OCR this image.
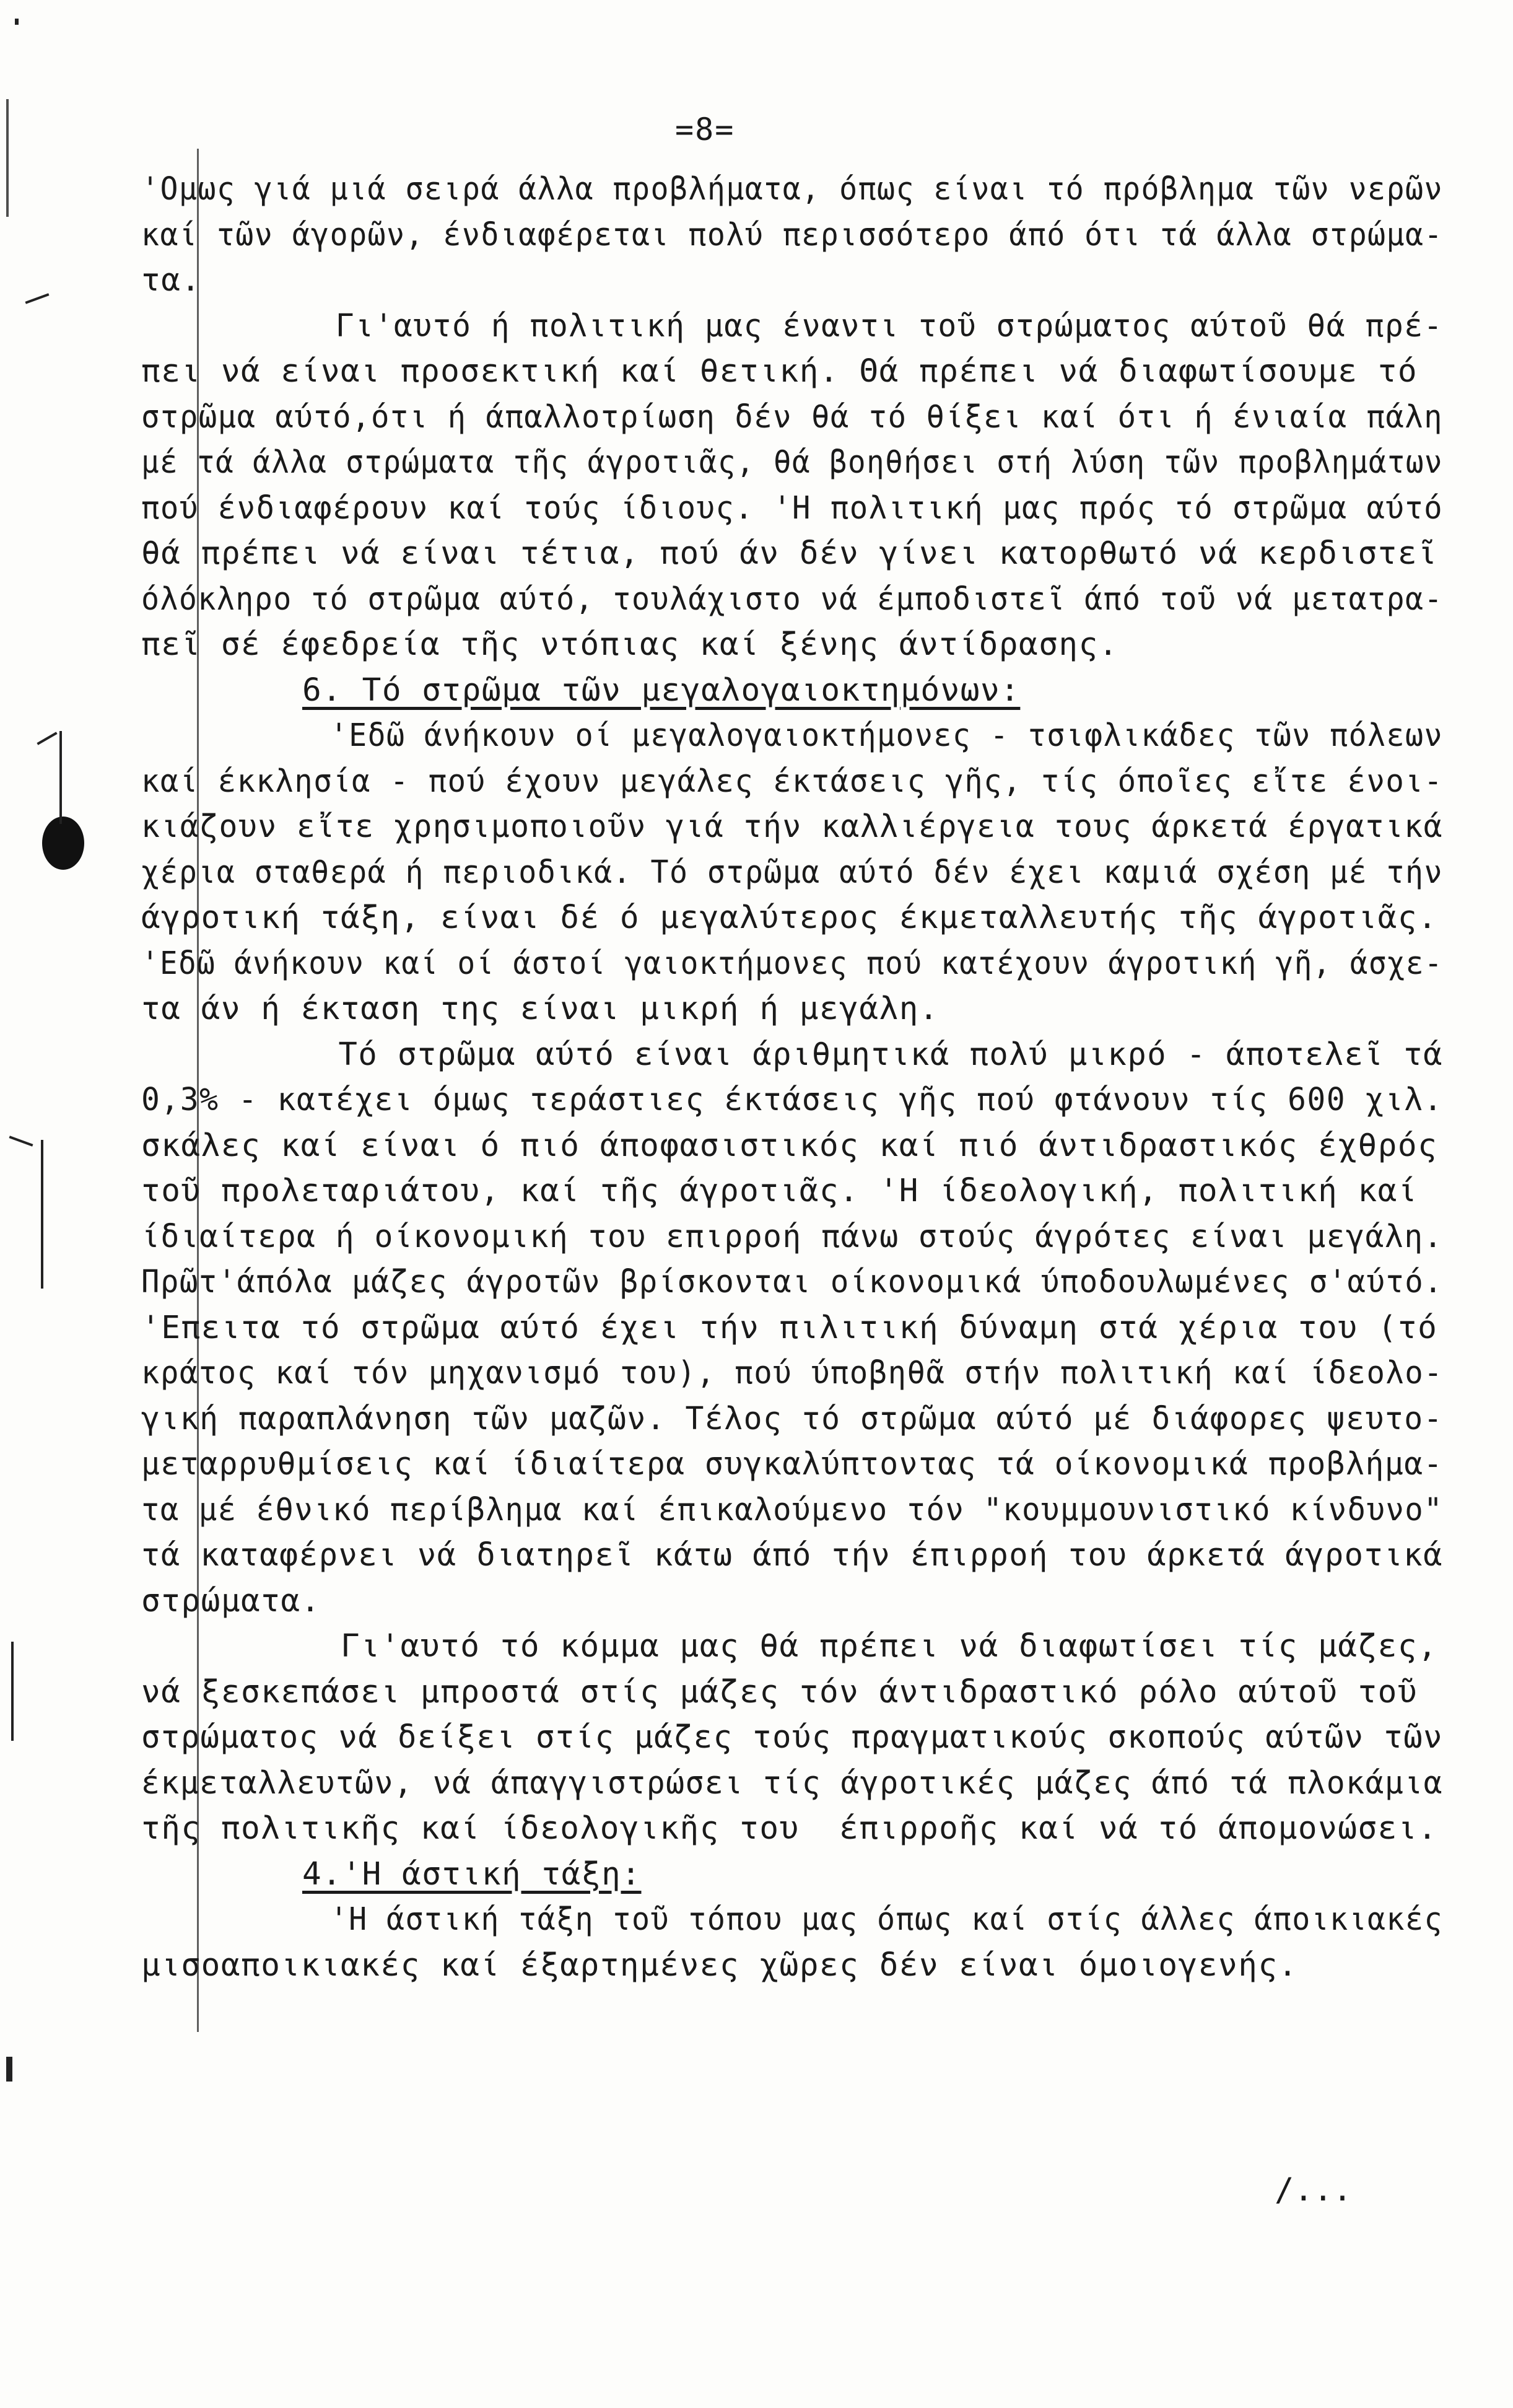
=8=
'Ομως γιά μιά σειρά άλλα προβλήματα, όπως είναι τό πρόβλημα τῶν νερῶν
καί τῶν άγορῶν, ένδιαφέρεται πολύ περισσότερο άπό ότι τά άλλα στρώμα-
τα.
Γι'αυτό ή πολιτική μας έναντι τοῦ στρώματος αύτοῦ θά πρέ-
πει νά είναι προσεκτική καί θετική. Θά πρέπει νά διαφωτίσουμε τό
στρῶμα αύτό,ότι ή άπαλλοτρίωση δέν θά τό θίξει καί ότι ή ένιαία πάλη
μέ τά άλλα στρώματα τῆς άγροτιᾶς, θά βοηθήσει στή λύση τῶν προβλημάτων
πού ένδιαφέρουν καί τούς ίδιους. 'Η πολιτική μας πρός τό στρῶμα αύτό
θά πρέπει νά είναι τέτια, πού άν δέν γίνει κατορθωτό νά κερδιστεῖ
όλόκληρο τό στρῶμα αύτό, τουλάχιστο νά έμποδιστεῖ άπό τοῦ νά μετατρα-
πεῖ σέ έφεδρεία τῆς ντόπιας καί ξένης άντίδρασης.
6. Τό στρῶμα τῶν μεγαλογαιοκτημόνων:
'Εδῶ άνήκουν οί μεγαλογαιοκτήμονες - τσιφλικάδες τῶν πόλεων
καί έκκλησία - πού έχουν μεγάλες έκτάσεις γῆς, τίς όποῖες εἴτε ένοι-
κιάζουν εἴτε χρησιμοποιοῦν γιά τήν καλλιέργεια τους άρκετά έργατικά
χέρια σταθερά ή περιοδικά. Τό στρῶμα αύτό δέν έχει καμιά σχέση μέ τήν
άγροτική τάξη, είναι δέ ό μεγαλύτερος έκμεταλλευτής τῆς άγροτιᾶς.
'Εδῶ άνήκουν καί οί άστοί γαιοκτήμονες πού κατέχουν άγροτική γῆ, άσχε-
τα άν ή έκταση της είναι μικρή ή μεγάλη.
Τό στρῶμα αύτό είναι άριθμητικά πολύ μικρό - άποτελεῖ τά
0,3% - κατέχει όμως τεράστιες έκτάσεις γῆς πού φτάνουν τίς 600 χιλ.
σκάλες καί είναι ό πιό άποφασιστικός καί πιό άντιδραστικός έχθρός
τοῦ προλεταριάτου, καί τῆς άγροτιᾶς. 'Η ίδεολογική, πολιτική καί
ίδιαίτερα ή οίκονομική του επιρροή πάνω στούς άγρότες είναι μεγάλη.
Πρῶτ'άπόλα μάζες άγροτῶν βρίσκονται οίκονομικά ύποδουλωμένες σ'αύτό.
'Επειτα τό στρῶμα αύτό έχει τήν πιλιτική δύναμη στά χέρια του (τό
κράτος καί τόν μηχανισμό του), πού ύποβηθᾶ στήν πολιτική καί ίδεολο-
γική παραπλάνηση τῶν μαζῶν. Τέλος τό στρῶμα αύτό μέ διάφορες ψευτο-
μεταρρυθμίσεις καί ίδιαίτερα συγκαλύπτοντας τά οίκονομικά προβλήμα-
τα μέ έθνικό περίβλημα καί έπικαλούμενο τόν "κουμμουνιστικό κίνδυνο"
τά καταφέρνει νά διατηρεῖ κάτω άπό τήν έπιρροή του άρκετά άγροτικά
στρώματα.
Γι'αυτό τό κόμμα μας θά πρέπει νά διαφωτίσει τίς μάζες,
νά ξεσκεπάσει μπροστά στίς μάζες τόν άντιδραστικό ρόλο αύτοῦ τοῦ
στρώματος νά δείξει στίς μάζες τούς πραγματικούς σκοπούς αύτῶν τῶν
έκμεταλλευτῶν, νά άπαγγιστρώσει τίς άγροτικές μάζες άπό τά πλοκάμια
τῆς πολιτικῆς καί ίδεολογικῆς του  έπιρροῆς καί νά τό άπομονώσει.
4.'Η άστική τάξη:
'Η άστική τάξη τοῦ τόπου μας όπως καί στίς άλλες άποικιακές
μισοαποικιακές καί έξαρτημένες χῶρες δέν είναι όμοιογενής.
/...
